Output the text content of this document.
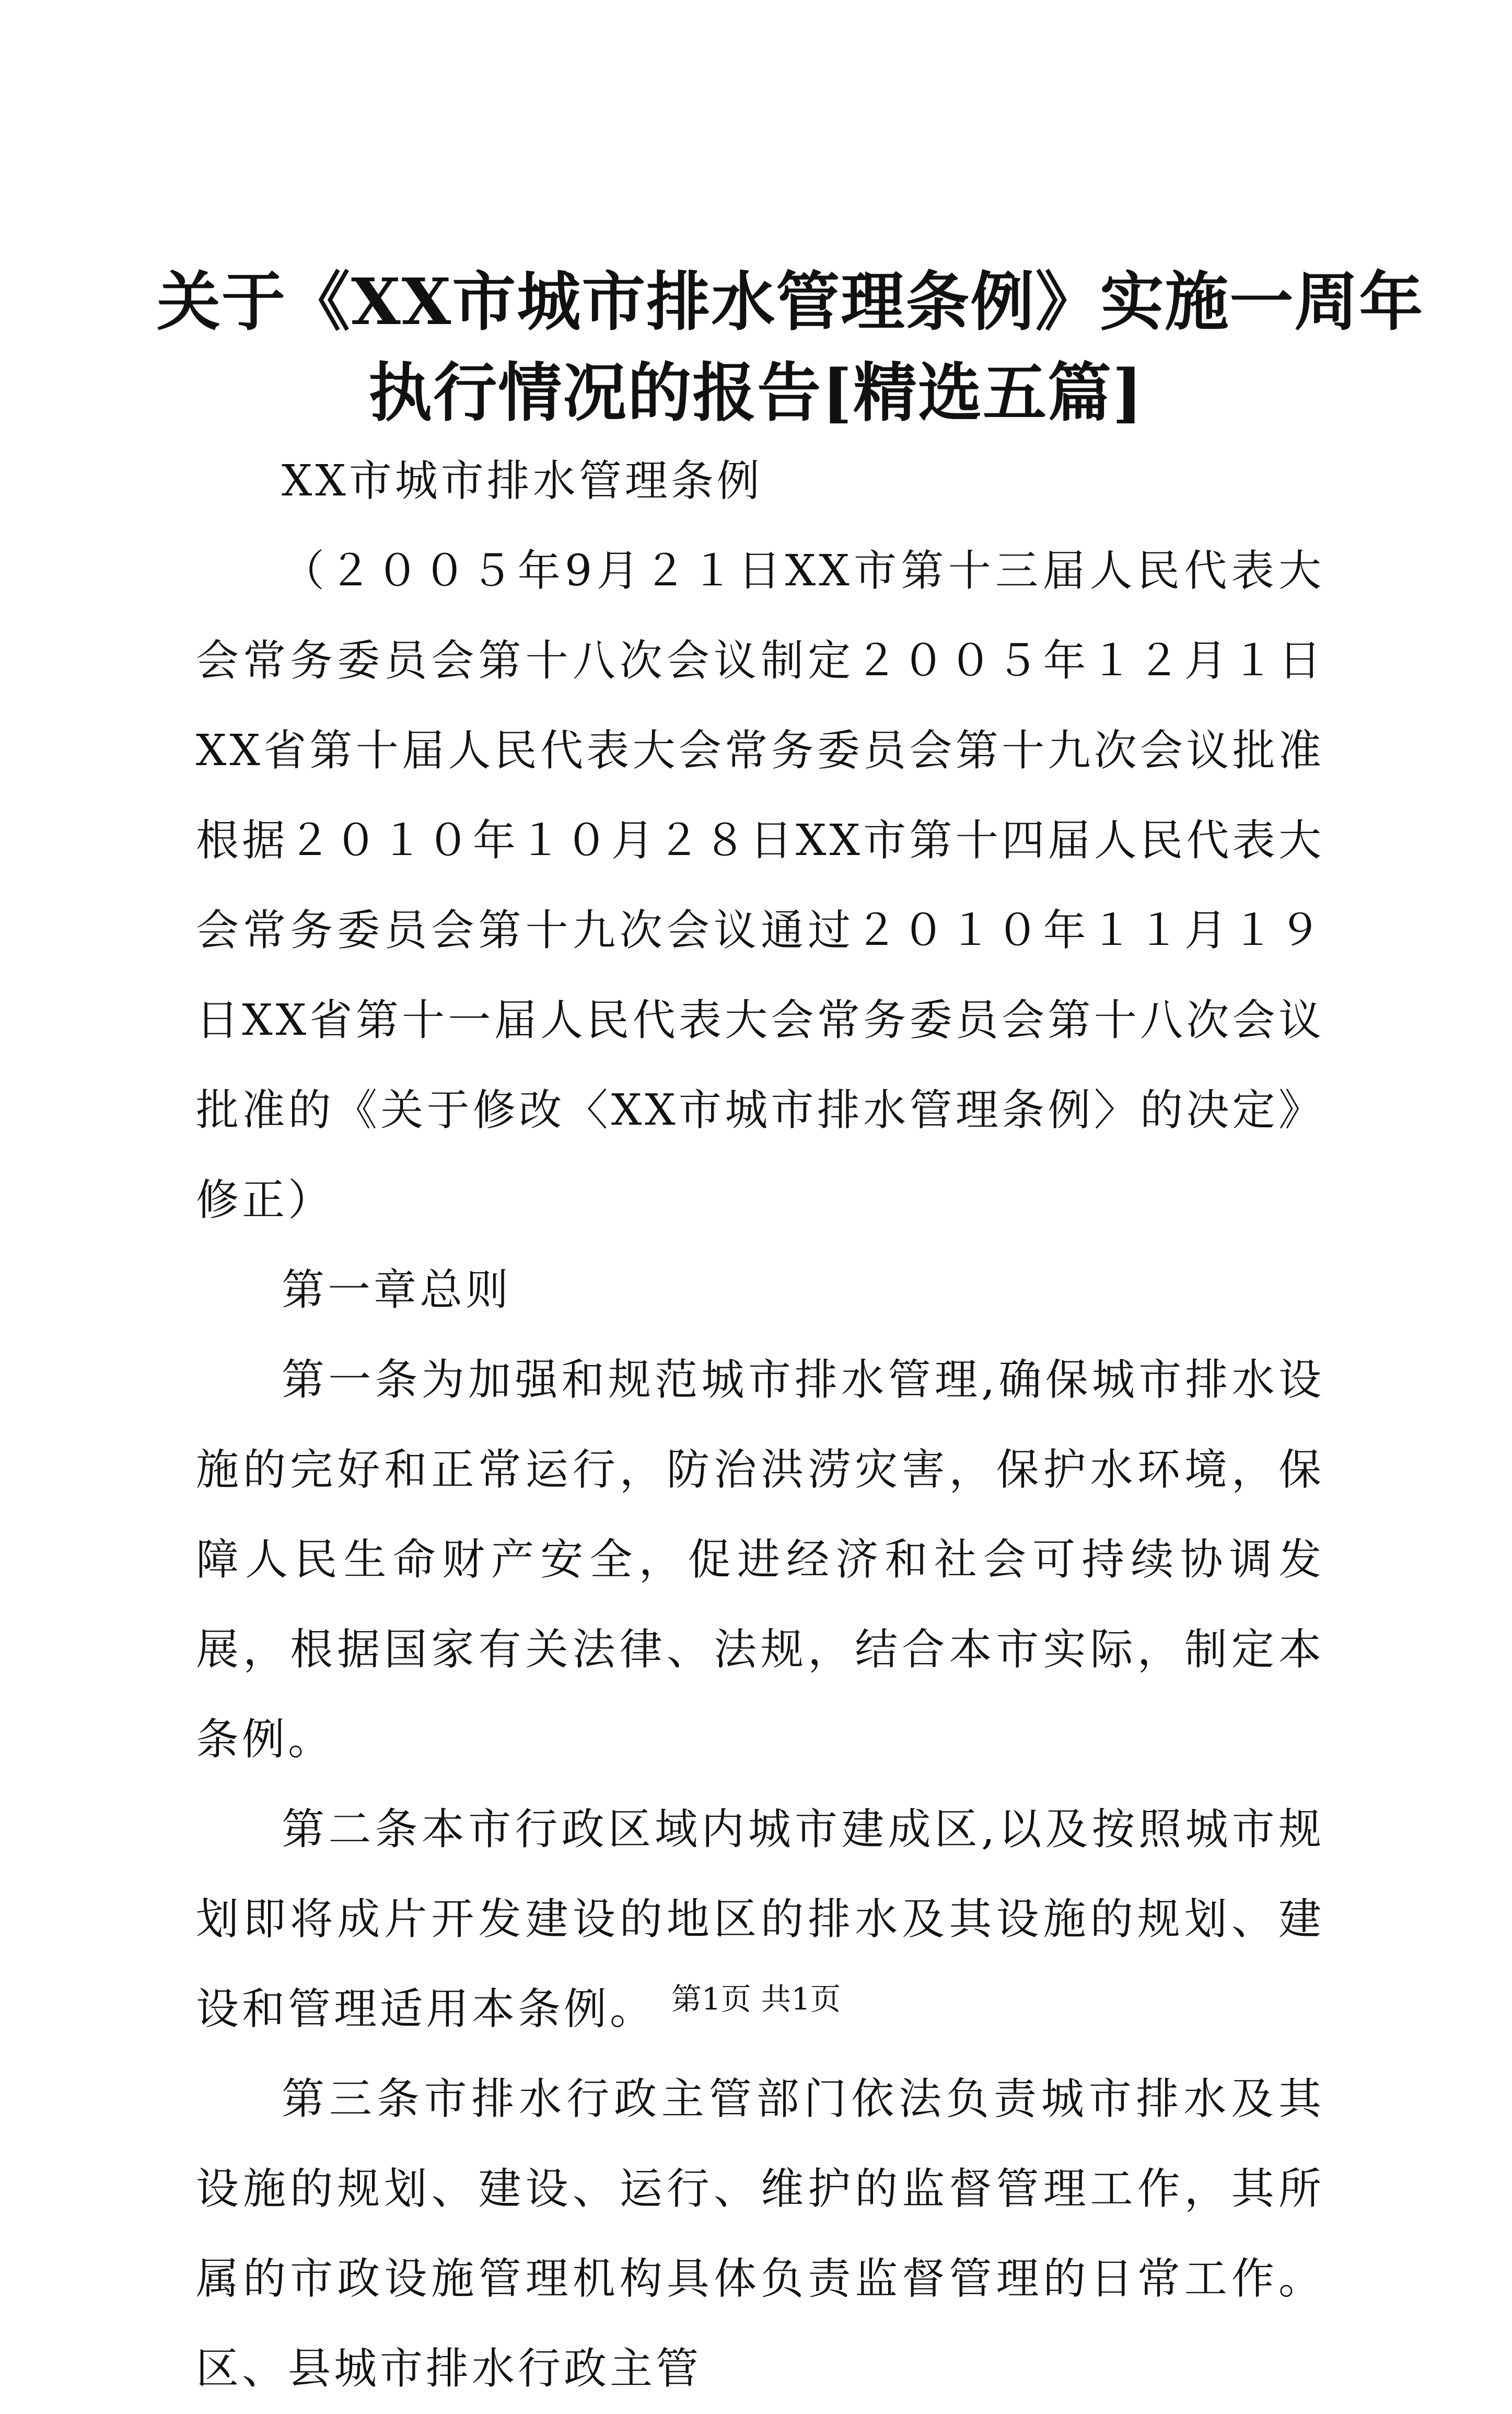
关于《XX市城市排水管理条例》实施一周年
执行情况的报告[精选五篇]

XX市城市排水管理条例

（２００５年9月２１日XX市第十三届人民代表大会常务委员会第十八次会议制定２００５年１２月１日XX省第十届人民代表大会常务委员会第十九次会议批准根据２０１０年１０月２８日XX市第十四届人民代表大会常务委员会第十九次会议通过２０１０年１１月１９日XX省第十一届人民代表大会常务委员会第十八次会议批准的《关于修改〈XX市城市排水管理条例〉的决定》修正）

第一章总则

第一条为加强和规范城市排水管理,确保城市排水设施的完好和正常运行，防治洪涝灾害，保护水环境，保障人民生命财产安全，促进经济和社会可持续协调发展，根据国家有关法律、法规，结合本市实际，制定本条例。

第二条本市行政区域内城市建成区,以及按照城市规划即将成片开发建设的地区的排水及其设施的规划、建设和管理适用本条例。

第三条市排水行政主管部门依法负责城市排水及其设施的规划、建设、运行、维护的监督管理工作，其所属的市政设施管理机构具体负责监督管理的日常工作。区、县城市排水行政主管

第1页 共1页
